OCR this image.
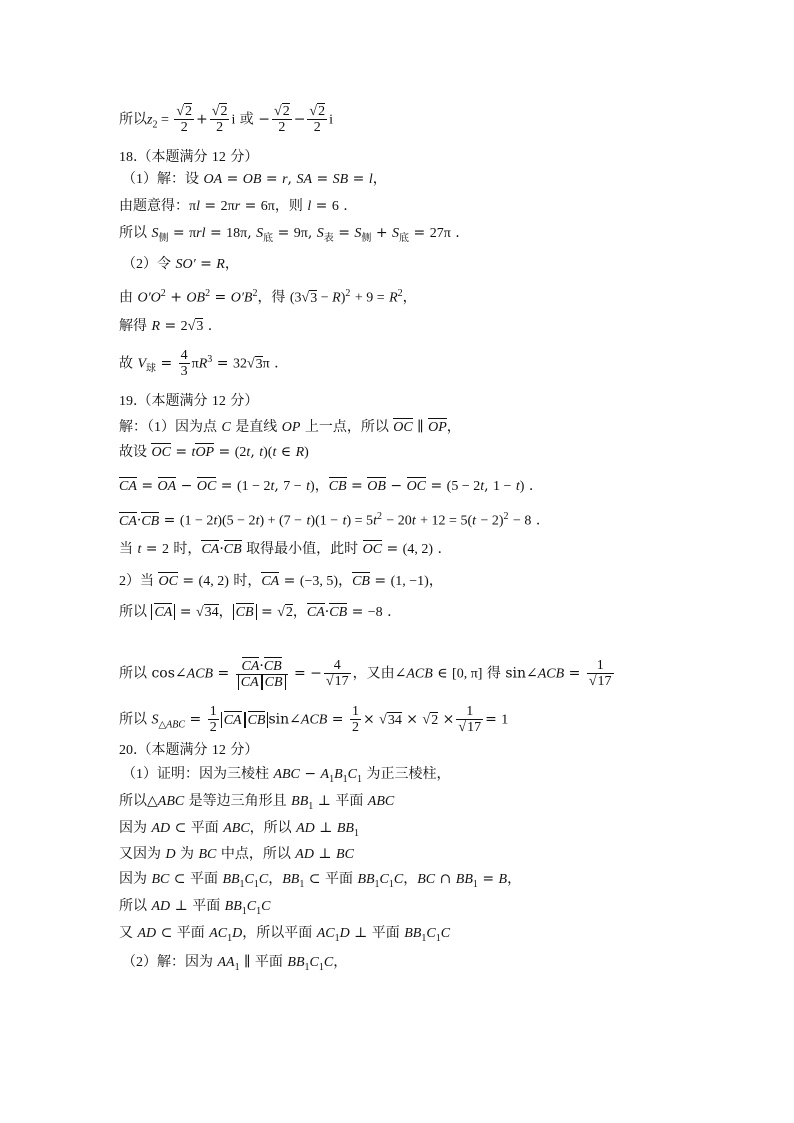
所以$z_2 = \frac{√2}{2} + \frac{√2}{2}$ i 或 − $\frac{√2}{2} - \frac{√2}{2}$ i
18.（本题满分 12 分）
（1）解：设 OA = OB = r, SA = SB = l，
由题意得：πl = 2πr = 6π，则 l = 6 .
所以 $S_侧 = \pi rl = 18\pi$, $S_底 = 9\pi$, $S_表 = S_侧 + S_底 = 27\pi$ .
（2）令 SO′ = R，
由 $O'O^2 + OB^2 = O'B^2$，得 $(3√3 - R)^2 + 9 = R^2$，
解得 R = 2√3 .
故 $V_球 = \frac{4}{3} \pi R^3 = 32√3\pi$ .
19.（本题满分 12 分）
解：（1）因为点 C 是直线 OP 上一点，所以 OC ∥ OP，
故设 OC = tOP = (2t, t)(t ∈ R)
CA = OA − OC = (1 − 2t, 7 − t)，CB = OB − OC = (5 − 2t, 1 − t) .
$CA\cdot CB = (1 - 2t)(5 - 2t) + (7 - t)(1 - t) = 5t^2 - 20t + 12 = 5(t - 2)^2 - 8$ .
当 t = 2 时，CA·CB 取得最小值，此时 OC = (4, 2) .
2）当 OC = (4, 2) 时，CA = (−3, 5)，CB = (1, −1)，
所以 CA = √34， CB = √2，CA·CB = −8 .
所以 cos∠ACB = $\frac{CA\cdot CB}{\text{CA CB}}$ = − $\frac{4}{√17}$ ，又由∠ACB ∈ [0, π] 得 sin∠ACB = $\frac{1}{√17}$
所以 $S_{\triangle ABC} = \frac{1}{2}$ CA CB sin∠ACB = $\frac{1}{2} \times √34 \times √2 \times \frac{1}{√17} = 1$
20.（本题满分 12 分）
（1）证明：因为三棱柱 ABC − $A_1B_1C_1$ 为正三棱柱，
所以△ABC 是等边三角形且 $BB_1$ ⊥ 平面 ABC
因为 AD ⊂ 平面 ABC，所以 AD ⊥ $BB_1$
又因为 D 为 BC 中点，所以 AD ⊥ BC
因为 BC ⊂ 平面 $BB_1C_1C$，$BB_1$ ⊂ 平面 $BB_1C_1C$，BC ∩ $BB_1 = B$，
所以 AD ⊥ 平面 $BB_1C_1C$
又 AD ⊂ 平面 $AC_1D$，所以平面 $AC_1D$ ⊥ 平面 $BB_1C_1C$
（2）解：因为 $AA_1$ ∥ 平面 $BB_1C_1C$，
